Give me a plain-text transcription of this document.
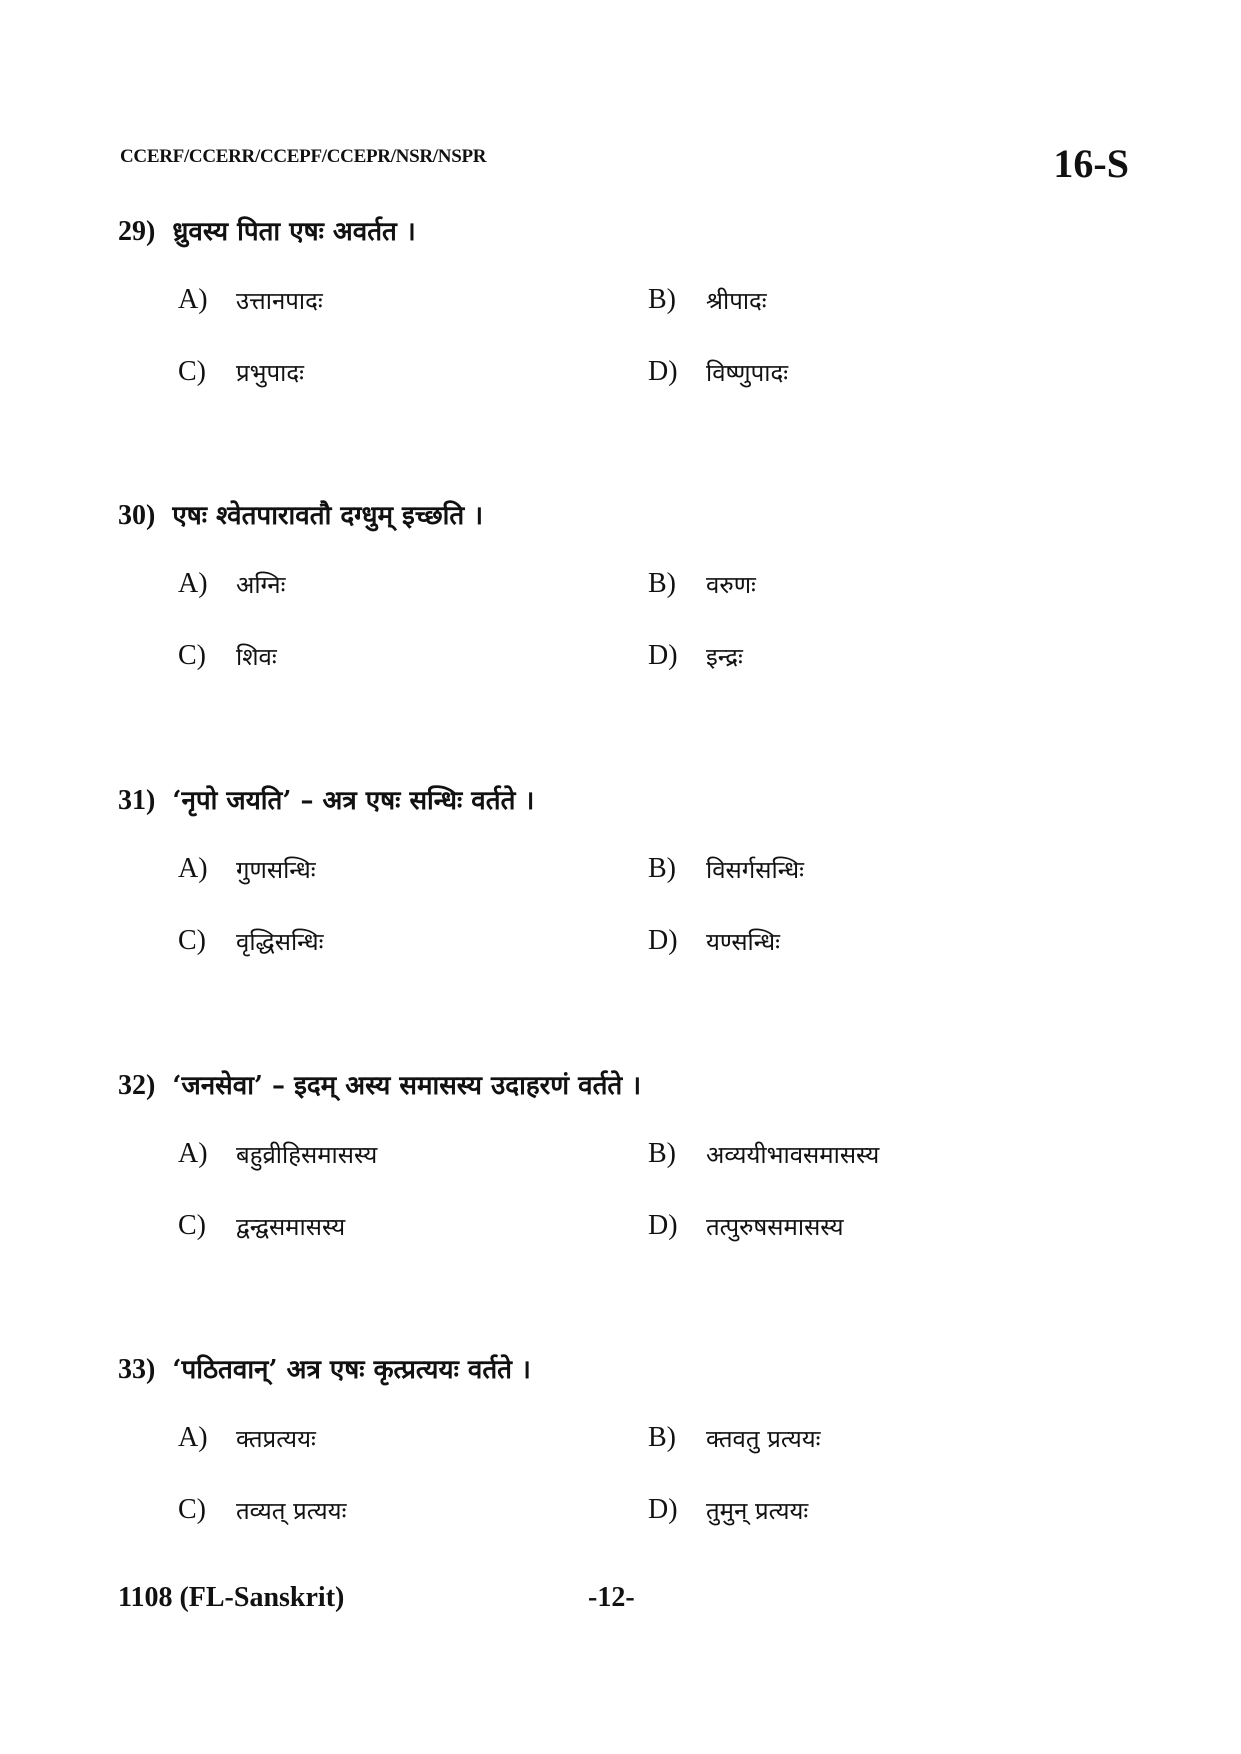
CCERF/CCERR/CCEPF/CCEPR/NSR/NSPR	16-S
29) ध्रुवस्य पिता एषः अवर्तत ।
A)	उत्तानपादः	B)	श्रीपादः
C)	प्रभुपादः	D)	विष्णुपादः
30) एषः श्वेतपारावतौ दग्धुम् इच्छति ।
A)	अग्निः	B)	वरुणः
C)	शिवः	D)	इन्द्रः
31) ‘नृपो जयति’ – अत्र एषः सन्धिः वर्तते ।
A)	गुणसन्धिः	B)	विसर्गसन्धिः
C)	वृद्धिसन्धिः	D)	यण्सन्धिः
32) ‘जनसेवा’ – इदम् अस्य समासस्य उदाहरणं वर्तते ।
A)	बहुव्रीहिसमासस्य	B)	अव्ययीभावसमासस्य
C)	द्वन्द्वसमासस्य	D)	तत्पुरुषसमासस्य
33) ‘पठितवान्’ अत्र एषः कृत्प्रत्ययः वर्तते ।
A)	क्तप्रत्ययः	B)	क्तवतु प्रत्ययः
C)	तव्यत् प्रत्ययः	D)	तुमुन् प्रत्ययः
1108 (FL-Sanskrit)	-12-
